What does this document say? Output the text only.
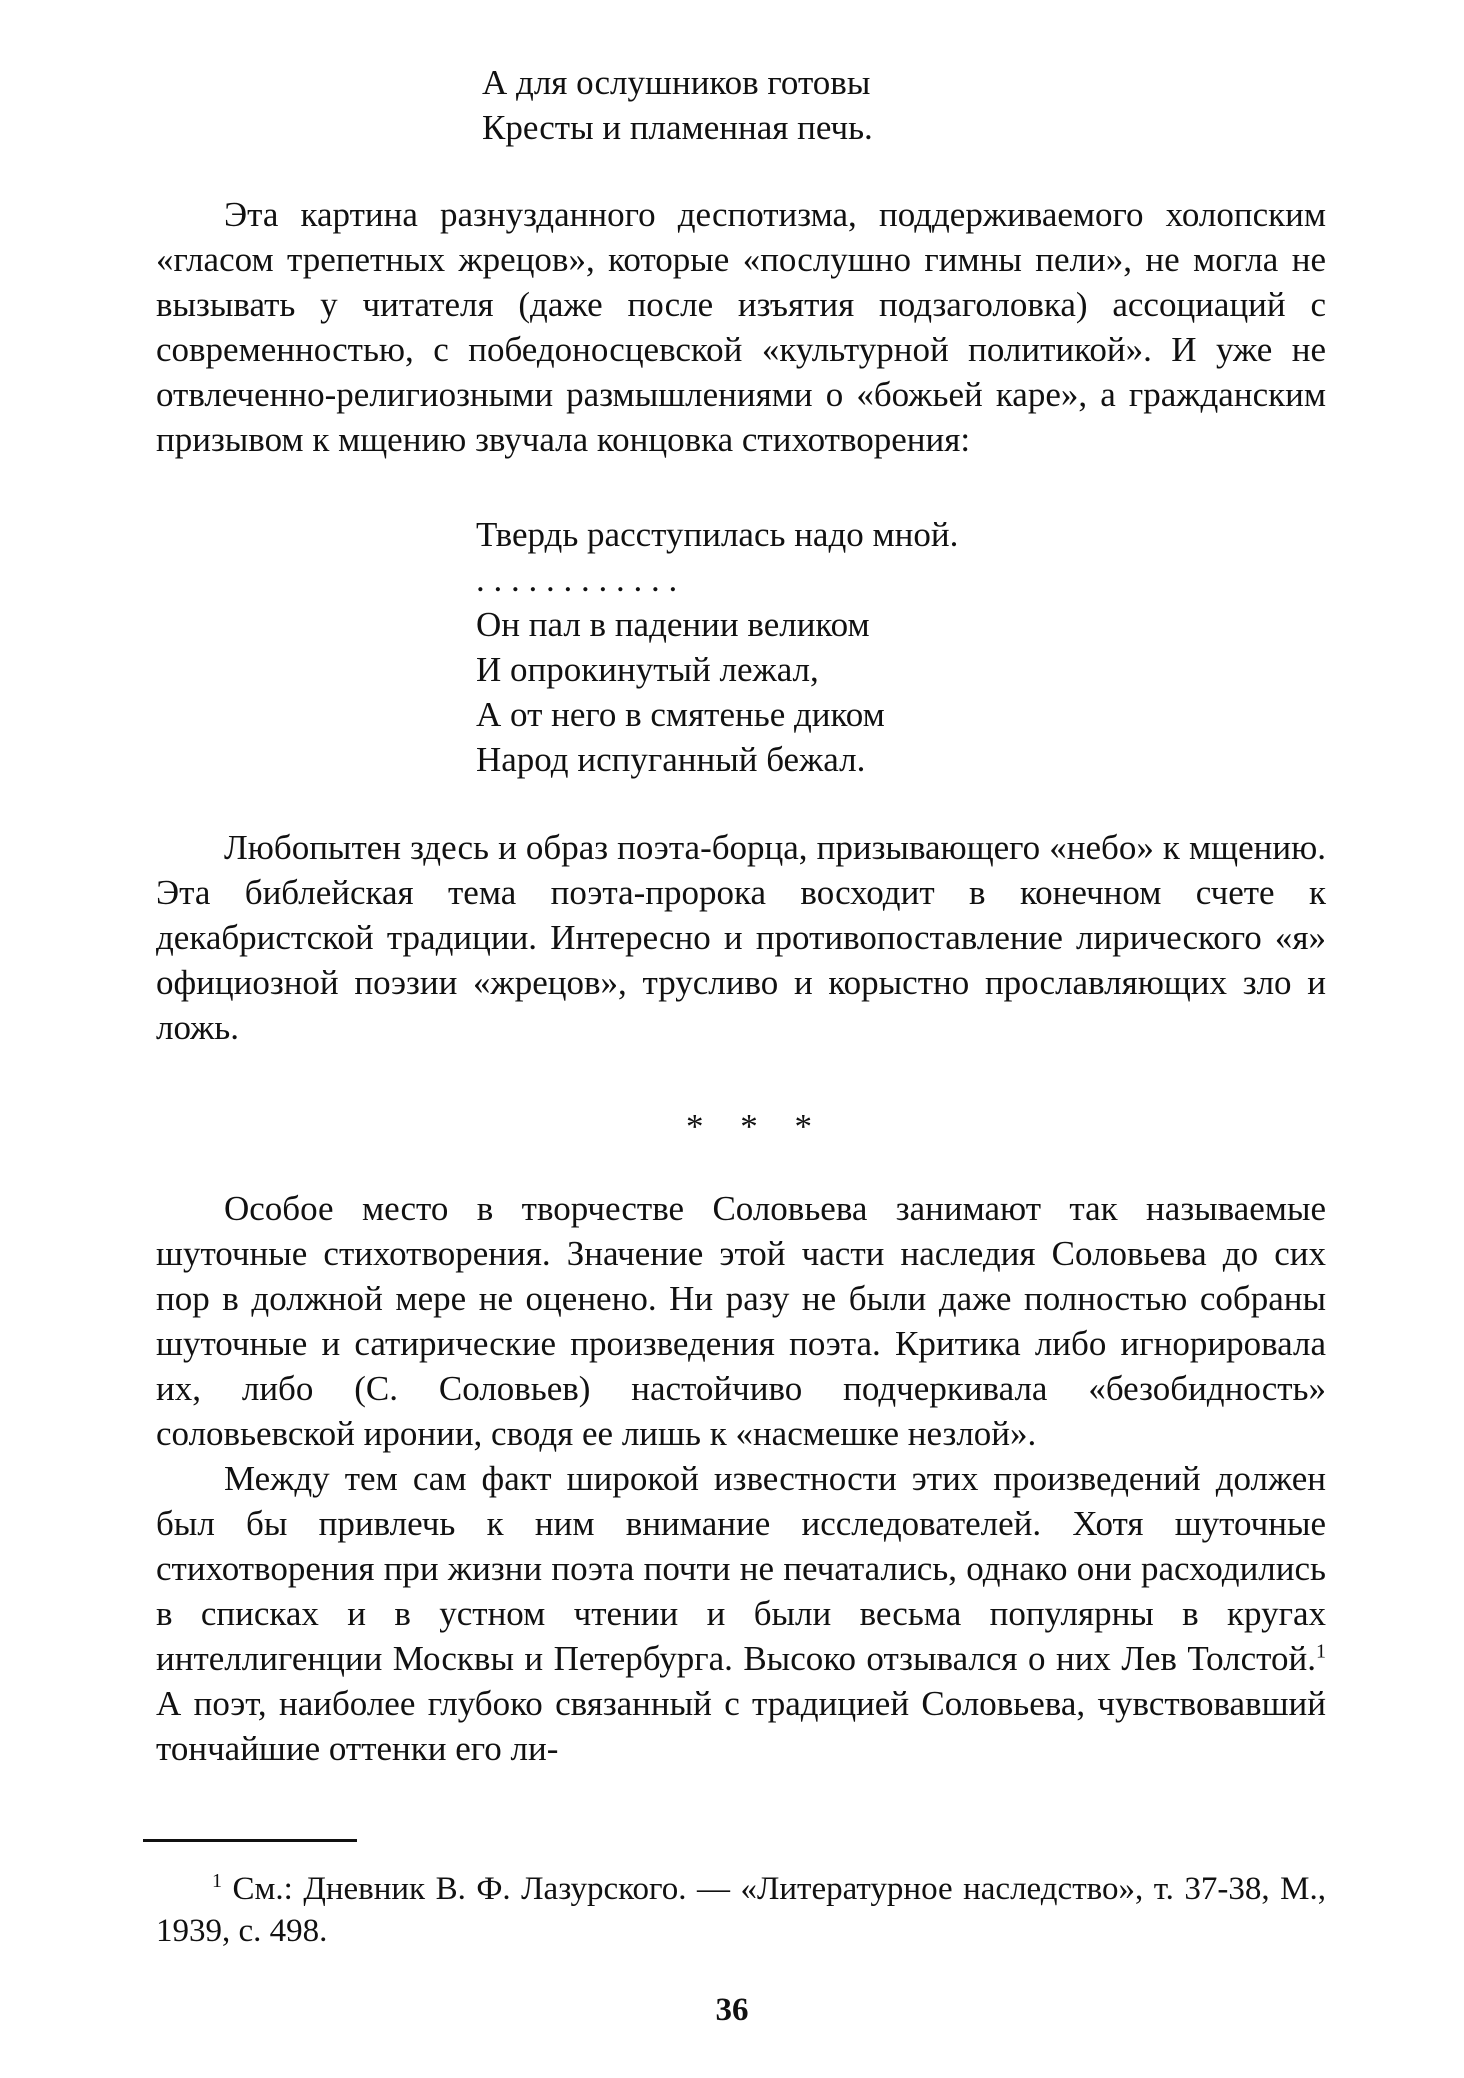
А для ослушников готовы
Кресты и пламенная печь.

Эта картина разнузданного деспотизма, поддерживаемого холопским «гласом трепетных жрецов», которые «послушно гимны пели», не могла не вызывать у читателя (даже после изъятия подзаголовка) ассоциаций с современностью, с победоносцевской «культурной политикой». И уже не отвлеченно-религиозными размышлениями о «божьей каре», а гражданским призывом к мщению звучала концовка стихотворения:

Твердь расступилась надо мной.
. . . . . . . . . . . .
Он пал в падении великом
И опрокинутый лежал,
А от него в смятенье диком
Народ испуганный бежал.

Любопытен здесь и образ поэта-борца, призывающего «небо» к мщению. Эта библейская тема поэта-пророка восходит в конечном счете к декабристской традиции. Интересно и противопоставление лирического «я» официозной поэзии «жрецов», трусливо и корыстно прославляющих зло и ложь.

* * *

Особое место в творчестве Соловьева занимают так называемые шуточные стихотворения. Значение этой части наследия Соловьева до сих пор в должной мере не оценено. Ни разу не были даже полностью собраны шуточные и сатирические произведения поэта. Критика либо игнорировала их, либо (С. Соловьев) настойчиво подчеркивала «безобидность» соловьевской иронии, сводя ее лишь к «насмешке незлой».

Между тем сам факт широкой известности этих произведений должен был бы привлечь к ним внимание исследователей. Хотя шуточные стихотворения при жизни поэта почти не печатались, однако они расходились в списках и в устном чтении и были весьма популярны в кругах интеллигенции Москвы и Петербурга. Высоко отзывался о них Лев Толстой.$^1$ А поэт, наиболее глубоко связанный с традицией Соловьева, чувствовавший тончайшие оттенки его ли-

$^1$ См.: Дневник В. Ф. Лазурского. — «Литературное наследство», т. 37-38, М., 1939, с. 498.

36
